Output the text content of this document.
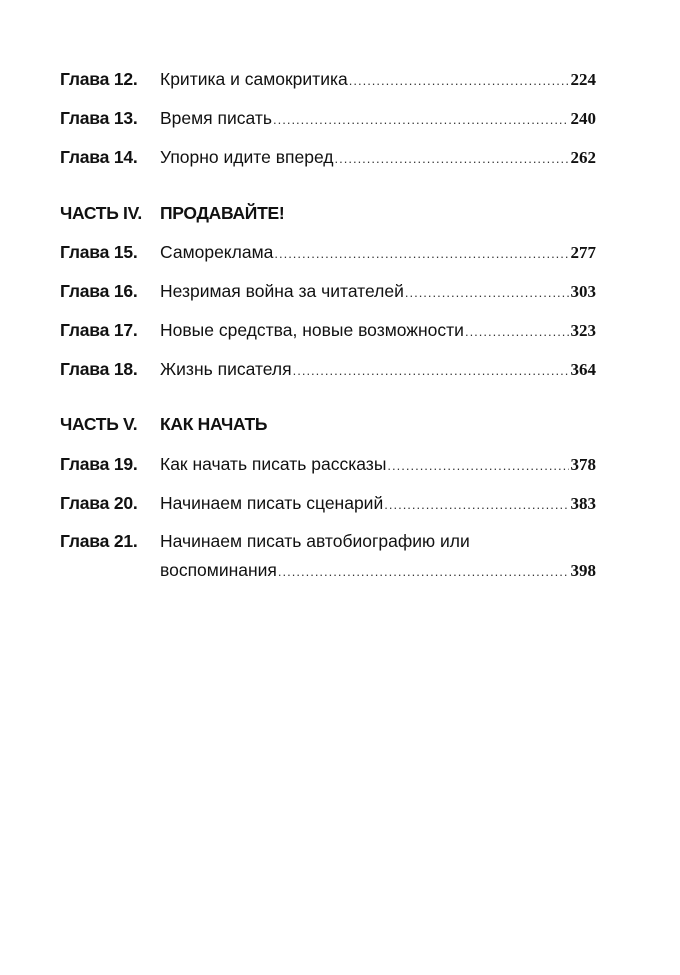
Глава 12. Критика и самокритика .....	224
Глава 13. Время писать .....	240
Глава 14. Упорно идите вперед .....	262
ЧАСТЬ IV. ПРОДАВАЙТЕ!
Глава 15. Самореклама .....	277
Глава 16. Незримая война за читателей .....	303
Глава 17. Новые средства, новые возможности .....	323
Глава 18. Жизнь писателя .....	364
ЧАСТЬ V. КАК НАЧАТЬ
Глава 19. Как начать писать рассказы .....	378
Глава 20. Начинаем писать сценарий .....	383
Глава 21. Начинаем писать автобиографию или
воспоминания .....	398
